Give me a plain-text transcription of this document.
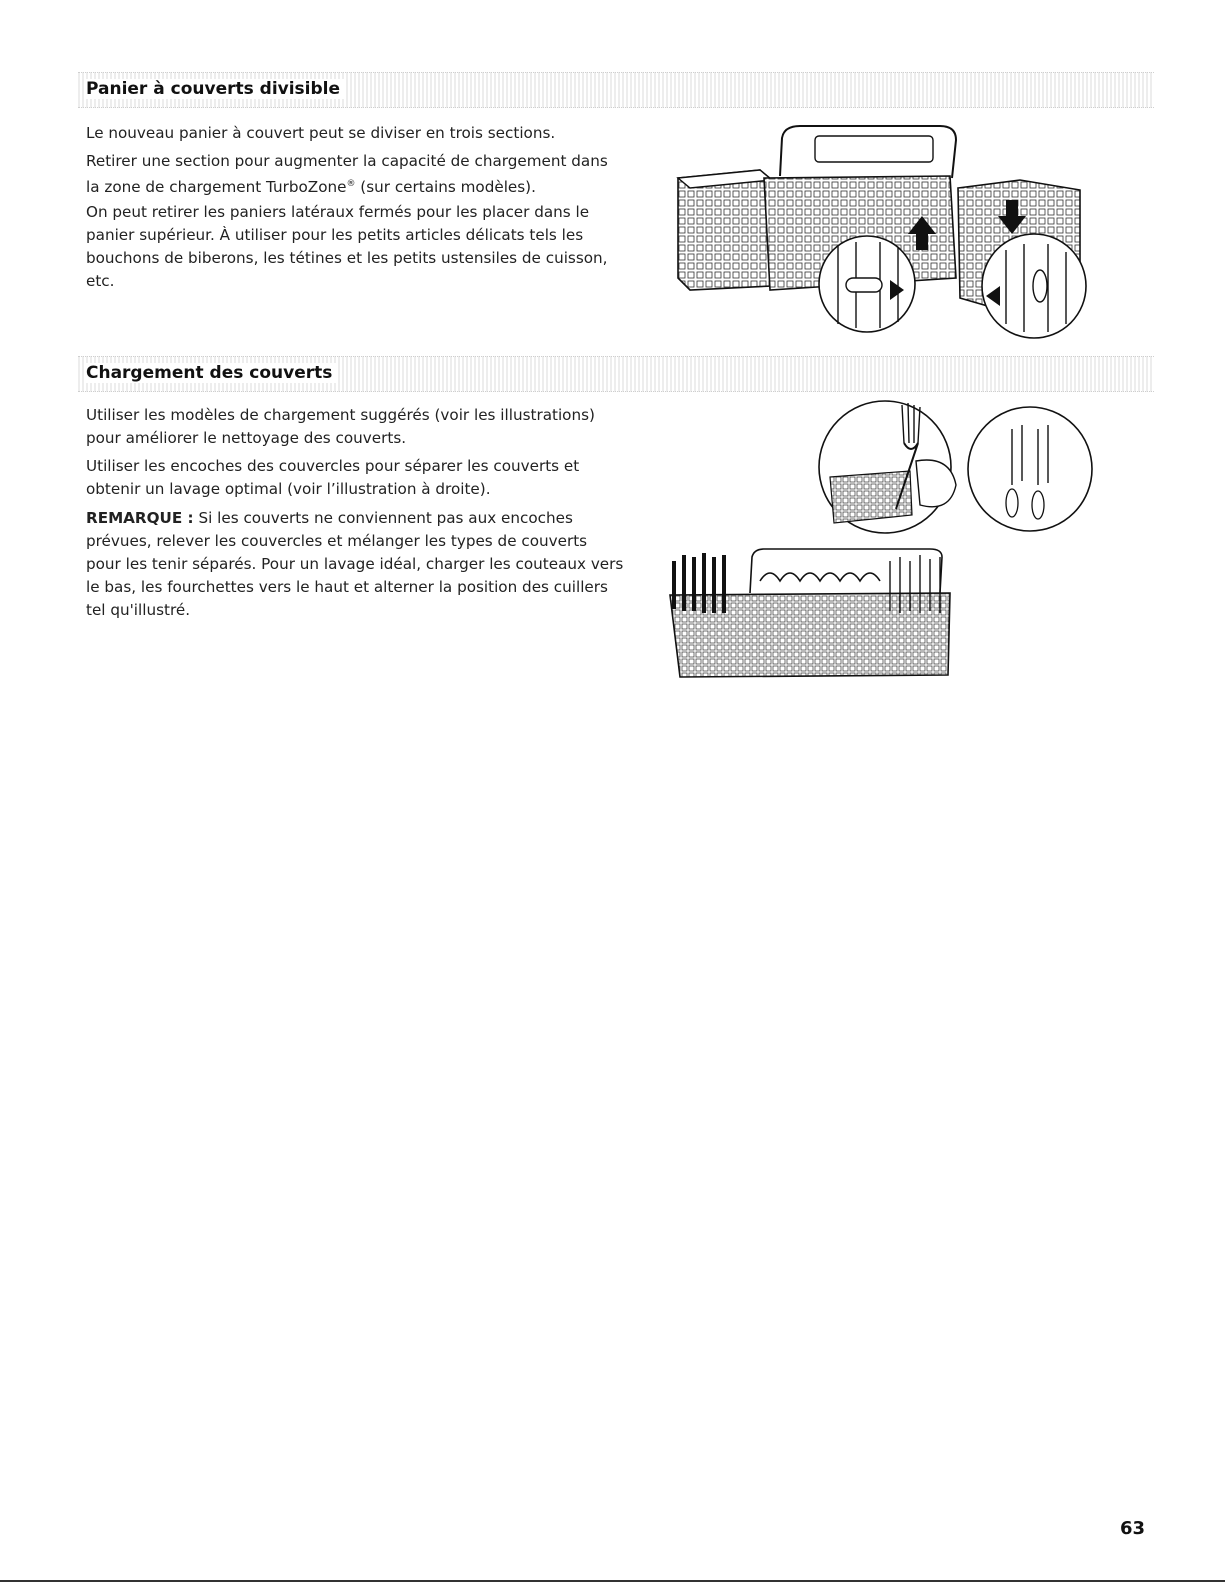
Panier à couverts divisible

Le nouveau panier à couvert peut se diviser en trois sections.

Retirer une section pour augmenter la capacité de chargement dans la zone de chargement TurboZone® (sur certains modèles).

On peut retirer les paniers latéraux fermés pour les placer dans le panier supérieur. À utiliser pour les petits articles délicats tels les bouchons de biberons, les tétines et les petits ustensiles de cuisson, etc.

Chargement des couverts

Utiliser les modèles de chargement suggérés (voir les illustrations) pour améliorer le nettoyage des couverts.

Utiliser les encoches des couvercles pour séparer les couverts et obtenir un lavage optimal (voir l’illustration à droite).

REMARQUE : Si les couverts ne conviennent pas aux encoches prévues, relever les couvercles et mélanger les types de couverts pour les tenir séparés. Pour un lavage idéal, charger les couteaux vers le bas, les fourchettes vers le haut et alterner la position des cuillers tel qu'illustré.

63
